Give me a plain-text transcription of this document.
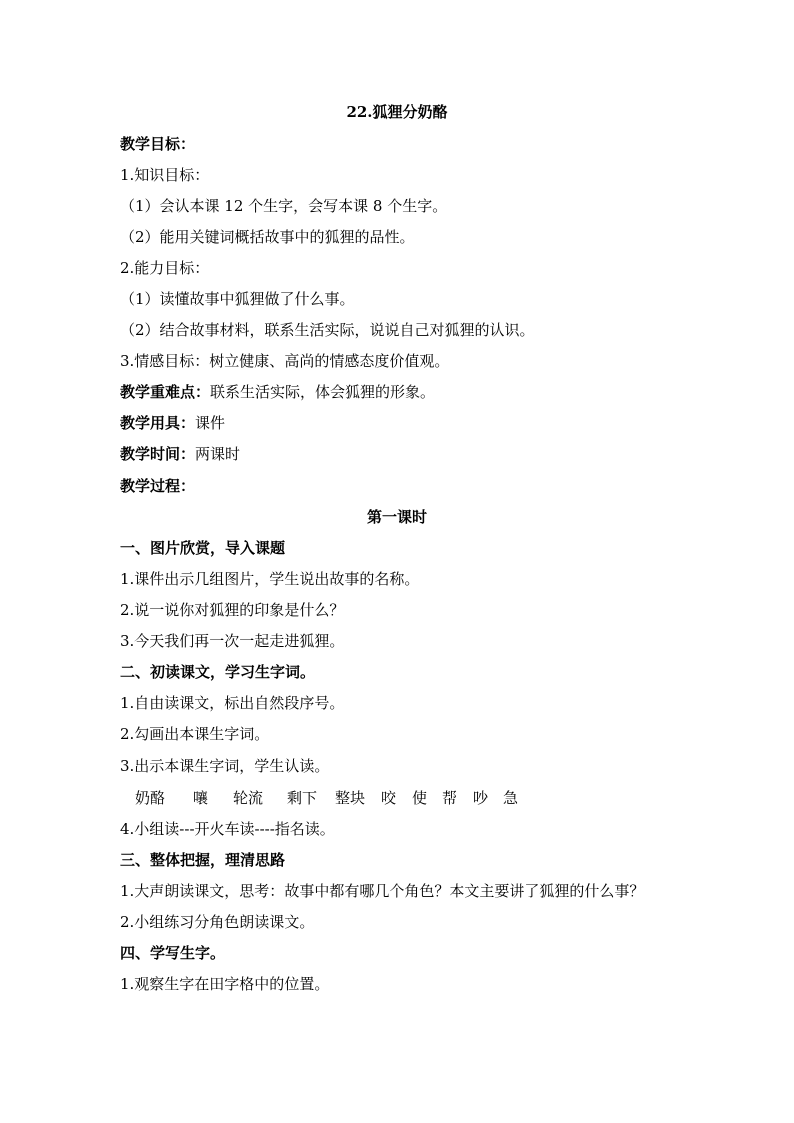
22.狐狸分奶酪
教学目标：
1.知识目标：
（1）会认本课 12 个生字，会写本课 8 个生字。
（2）能用关键词概括故事中的狐狸的品性。
2.能力目标：
（1）读懂故事中狐狸做了什么事。
（2）结合故事材料，联系生活实际，说说自己对狐狸的认识。
3.情感目标：树立健康、高尚的情感态度价值观。
教学重难点：联系生活实际，体会狐狸的形象。
教学用具：课件
教学时间：两课时
教学过程：
第一课时
一、图片欣赏，导入课题
1.课件出示几组图片，学生说出故事的名称。
2.说一说你对狐狸的印象是什么？
3.今天我们再一次一起走进狐狸。
二、初读课文，学习生字词。
1.自由读课文，标出自然段序号。
2.勾画出本课生字词。
3.出示本课生字词，学生认读。
奶酪 嚷 轮流 剩下 整块 咬 使 帮 吵 急
4.小组读---开火车读----指名读。
三、整体把握，理清思路
1.大声朗读课文，思考：故事中都有哪几个角色？本文主要讲了狐狸的什么事？
2.小组练习分角色朗读课文。
四、学写生字。
1.观察生字在田字格中的位置。
